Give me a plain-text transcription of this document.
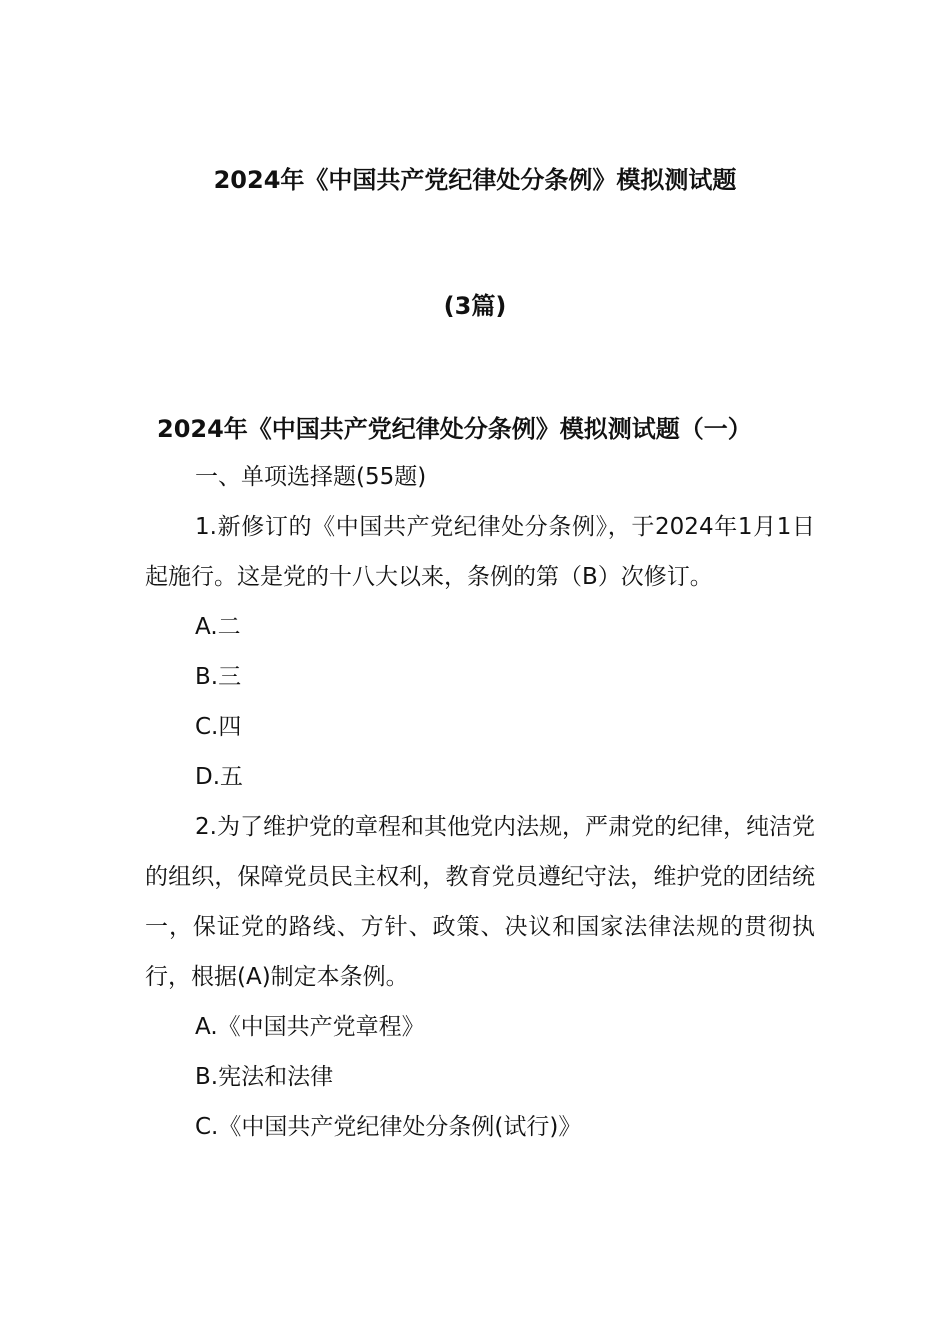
2024年《中国共产党纪律处分条例》模拟测试题
(3篇)
2024年《中国共产党纪律处分条例》模拟测试题（一）

一、单项选择题(55题)

1.新修订的《中国共产党纪律处分条例》，于2024年1月1日起施行。这是党的十八大以来，条例的第（B）次修订。

A.二

B.三

C.四

D.五

2.为了维护党的章程和其他党内法规，严肃党的纪律，纯洁党的组织，保障党员民主权利，教育党员遵纪守法，维护党的团结统一，保证党的路线、方针、政策、决议和国家法律法规的贯彻执行，根据(A)制定本条例。

A.《中国共产党章程》

B.宪法和法律

C.《中国共产党纪律处分条例(试行)》
